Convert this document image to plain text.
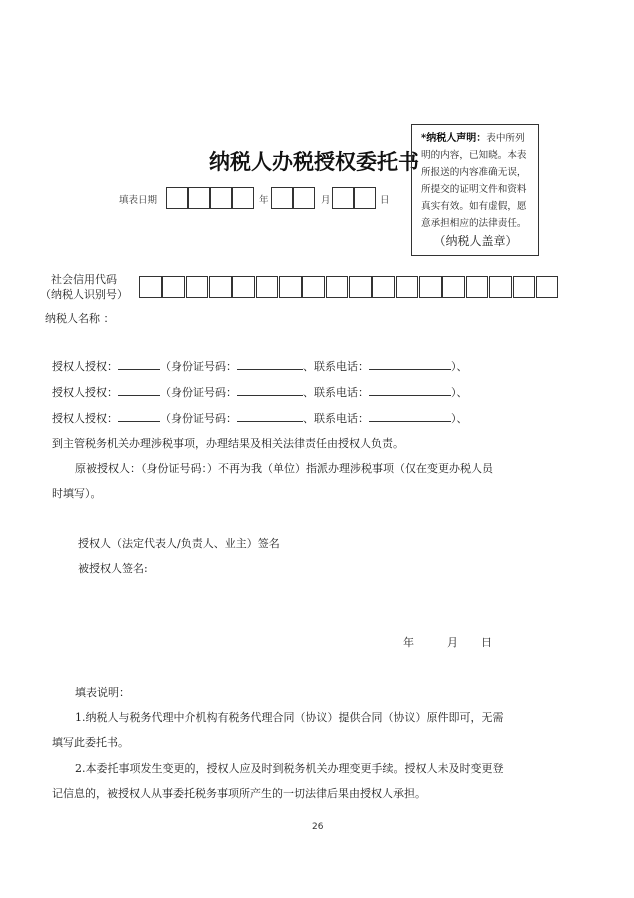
纳税人办税授权委托书
*纳税人声明：表中所列明的内容，已知晓。本表所报送的内容准确无误，所提交的证明文件和资料真实有效。如有虚假，愿意承担相应的法律责任。
（纳税人盖章）
填表日期	年	月	日
社会信用代码
（纳税人识别号）
纳税人名称 ：
授权人授权：	（身份证号码：	、联系电话：	）、
授权人授权：	（身份证号码：	、联系电话：	）、
授权人授权：	（身份证号码：	、联系电话：	）、
到主管税务机关办理涉税事项，办理结果及相关法律责任由授权人负责。
原被授权人：（身份证号码：）不再为我（单位）指派办理涉税事项（仅在变更办税人员
时填写）。
授权人（法定代表人/负责人、业主）签名
被授权人签名:
年	月 日
填表说明：
1.纳税人与税务代理中介机构有税务代理合同（协议）提供合同（协议）原件即可，无需
填写此委托书。
2.本委托事项发生变更的，授权人应及时到税务机关办理变更手续。授权人未及时变更登
记信息的，被授权人从事委托税务事项所产生的一切法律后果由授权人承担。
26
